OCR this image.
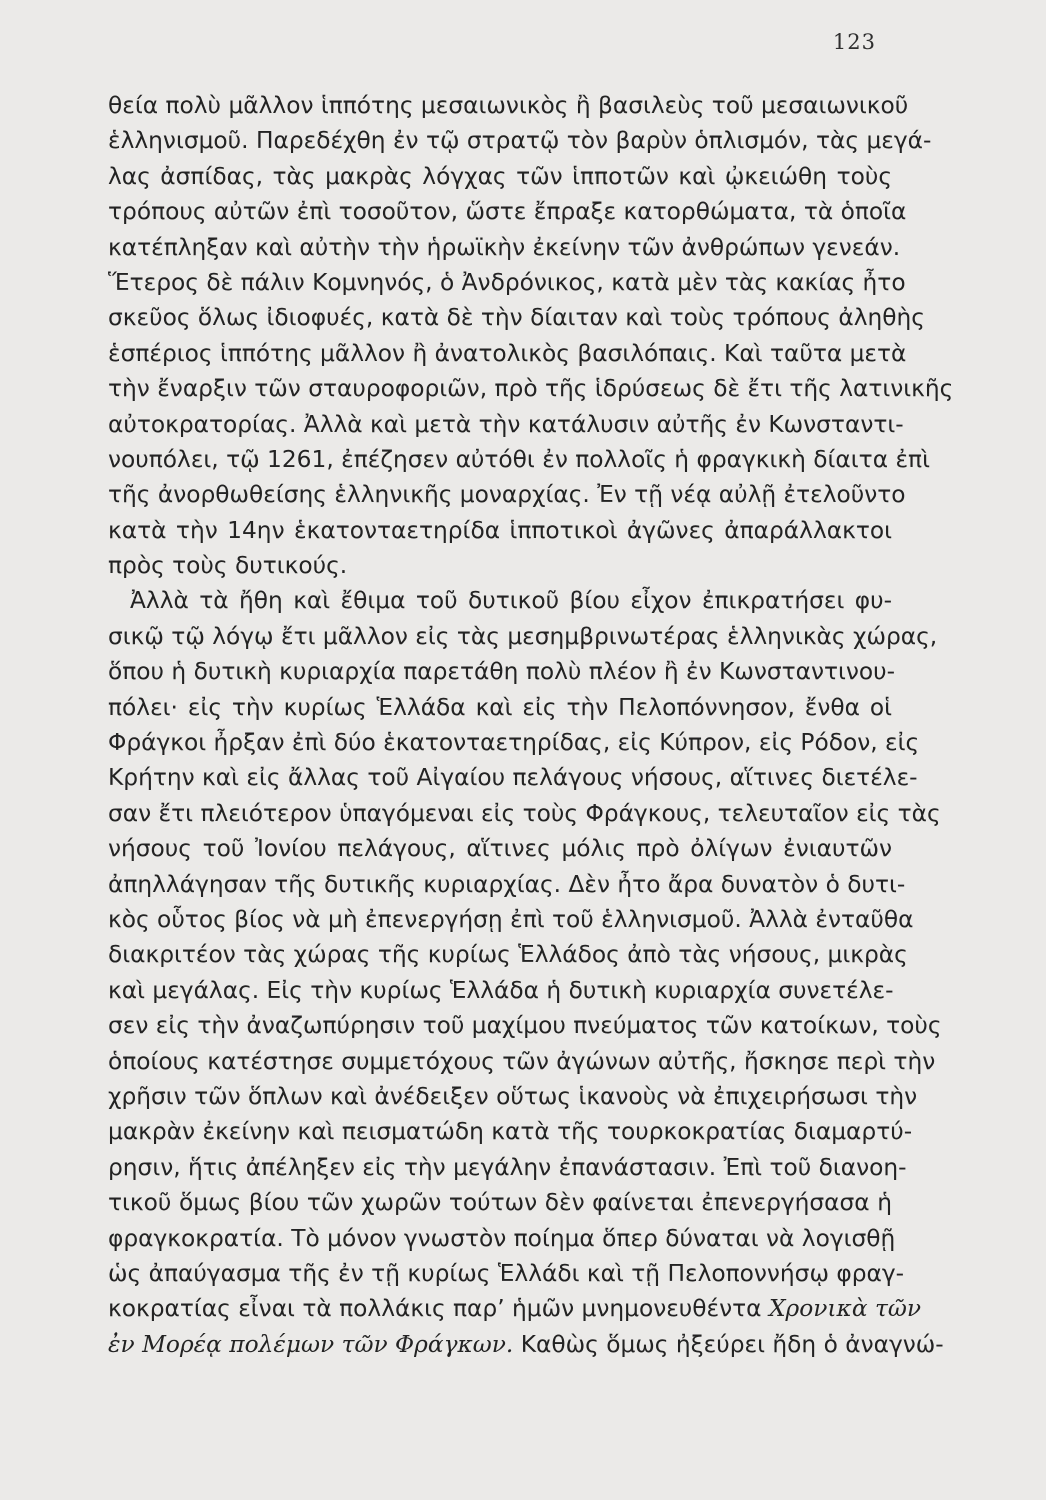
123
θεία πολὺ μᾶλλον ἱππότης μεσαιωνικὸς ἢ βασιλεὺς τοῦ μεσαιωνικοῦ
ἑλληνισμοῦ. Παρεδέχθη ἐν τῷ στρατῷ τὸν βαρὺν ὁπλισμόν, τὰς μεγά-
λας ἀσπίδας, τὰς μακρὰς λόγχας τῶν ἱπποτῶν καὶ ᾠκειώθη τοὺς
τρόπους αὐτῶν ἐπὶ τοσοῦτον, ὥστε ἔπραξε κατορθώματα, τὰ ὁποῖα
κατέπληξαν καὶ αὐτὴν τὴν ἡρωϊκὴν ἐκείνην τῶν ἀνθρώπων γενεάν.
Ἕτερος δὲ πάλιν Κομνηνός, ὁ Ἀνδρόνικος, κατὰ μὲν τὰς κακίας ἦτο
σκεῦος ὅλως ἰδιοφυές, κατὰ δὲ τὴν δίαιταν καὶ τοὺς τρόπους ἀληθὴς
ἑσπέριος ἱππότης μᾶλλον ἢ ἀνατολικὸς βασιλόπαις. Καὶ ταῦτα μετὰ
τὴν ἔναρξιν τῶν σταυροφοριῶν, πρὸ τῆς ἱδρύσεως δὲ ἔτι τῆς λατινικῆς
αὐτοκρατορίας. Ἀλλὰ καὶ μετὰ τὴν κατάλυσιν αὐτῆς ἐν Κωνσταντι-
νουπόλει, τῷ 1261, ἐπέζησεν αὐτόθι ἐν πολλοῖς ἡ φραγκικὴ δίαιτα ἐπὶ
τῆς ἀνορθωθείσης ἑλληνικῆς μοναρχίας. Ἐν τῇ νέᾳ αὐλῇ ἐτελοῦντο
κατὰ τὴν 14ην ἑκατονταετηρίδα ἱπποτικοὶ ἀγῶνες ἀπαράλλακτοι
πρὸς τοὺς δυτικούς.
Ἀλλὰ τὰ ἤθη καὶ ἔθιμα τοῦ δυτικοῦ βίου εἶχον ἐπικρατήσει φυ-
σικῷ τῷ λόγῳ ἔτι μᾶλλον εἰς τὰς μεσημβρινωτέρας ἑλληνικὰς χώρας,
ὅπου ἡ δυτικὴ κυριαρχία παρετάθη πολὺ πλέον ἢ ἐν Κωνσταντινου-
πόλει· εἰς τὴν κυρίως Ἑλλάδα καὶ εἰς τὴν Πελοπόννησον, ἔνθα οἱ
Φράγκοι ἦρξαν ἐπὶ δύο ἑκατονταετηρίδας, εἰς Κύπρον, εἰς Ρόδον, εἰς
Κρήτην καὶ εἰς ἄλλας τοῦ Αἰγαίου πελάγους νήσους, αἵτινες διετέλε-
σαν ἔτι πλειότερον ὑπαγόμεναι εἰς τοὺς Φράγκους, τελευταῖον εἰς τὰς
νήσους τοῦ Ἰονίου πελάγους, αἵτινες μόλις πρὸ ὀλίγων ἐνιαυτῶν
ἀπηλλάγησαν τῆς δυτικῆς κυριαρχίας. Δὲν ἦτο ἄρα δυνατὸν ὁ δυτι-
κὸς οὗτος βίος νὰ μὴ ἐπενεργήσῃ ἐπὶ τοῦ ἑλληνισμοῦ. Ἀλλὰ ἐνταῦθα
διακριτέον τὰς χώρας τῆς κυρίως Ἑλλάδος ἀπὸ τὰς νήσους, μικρὰς
καὶ μεγάλας. Εἰς τὴν κυρίως Ἑλλάδα ἡ δυτικὴ κυριαρχία συνετέλε-
σεν εἰς τὴν ἀναζωπύρησιν τοῦ μαχίμου πνεύματος τῶν κατοίκων, τοὺς
ὁποίους κατέστησε συμμετόχους τῶν ἀγώνων αὐτῆς, ἤσκησε περὶ τὴν
χρῆσιν τῶν ὅπλων καὶ ἀνέδειξεν οὕτως ἱκανοὺς νὰ ἐπιχειρήσωσι τὴν
μακρὰν ἐκείνην καὶ πεισματώδη κατὰ τῆς τουρκοκρατίας διαμαρτύ-
ρησιν, ἥτις ἀπέληξεν εἰς τὴν μεγάλην ἐπανάστασιν. Ἐπὶ τοῦ διανοη-
τικοῦ ὅμως βίου τῶν χωρῶν τούτων δὲν φαίνεται ἐπενεργήσασα ἡ
φραγκοκρατία. Τὸ μόνον γνωστὸν ποίημα ὅπερ δύναται νὰ λογισθῇ
ὡς ἀπαύγασμα τῆς ἐν τῇ κυρίως Ἑλλάδι καὶ τῇ Πελοποννήσῳ φραγ-
κοκρατίας εἶναι τὰ πολλάκις παρ’ ἡμῶν μνημονευθέντα Χρονικὰ τῶν
ἐν Μορέᾳ πολέμων τῶν Φράγκων. Καθὼς ὅμως ἠξεύρει ἤδη ὁ ἀναγνώ-
